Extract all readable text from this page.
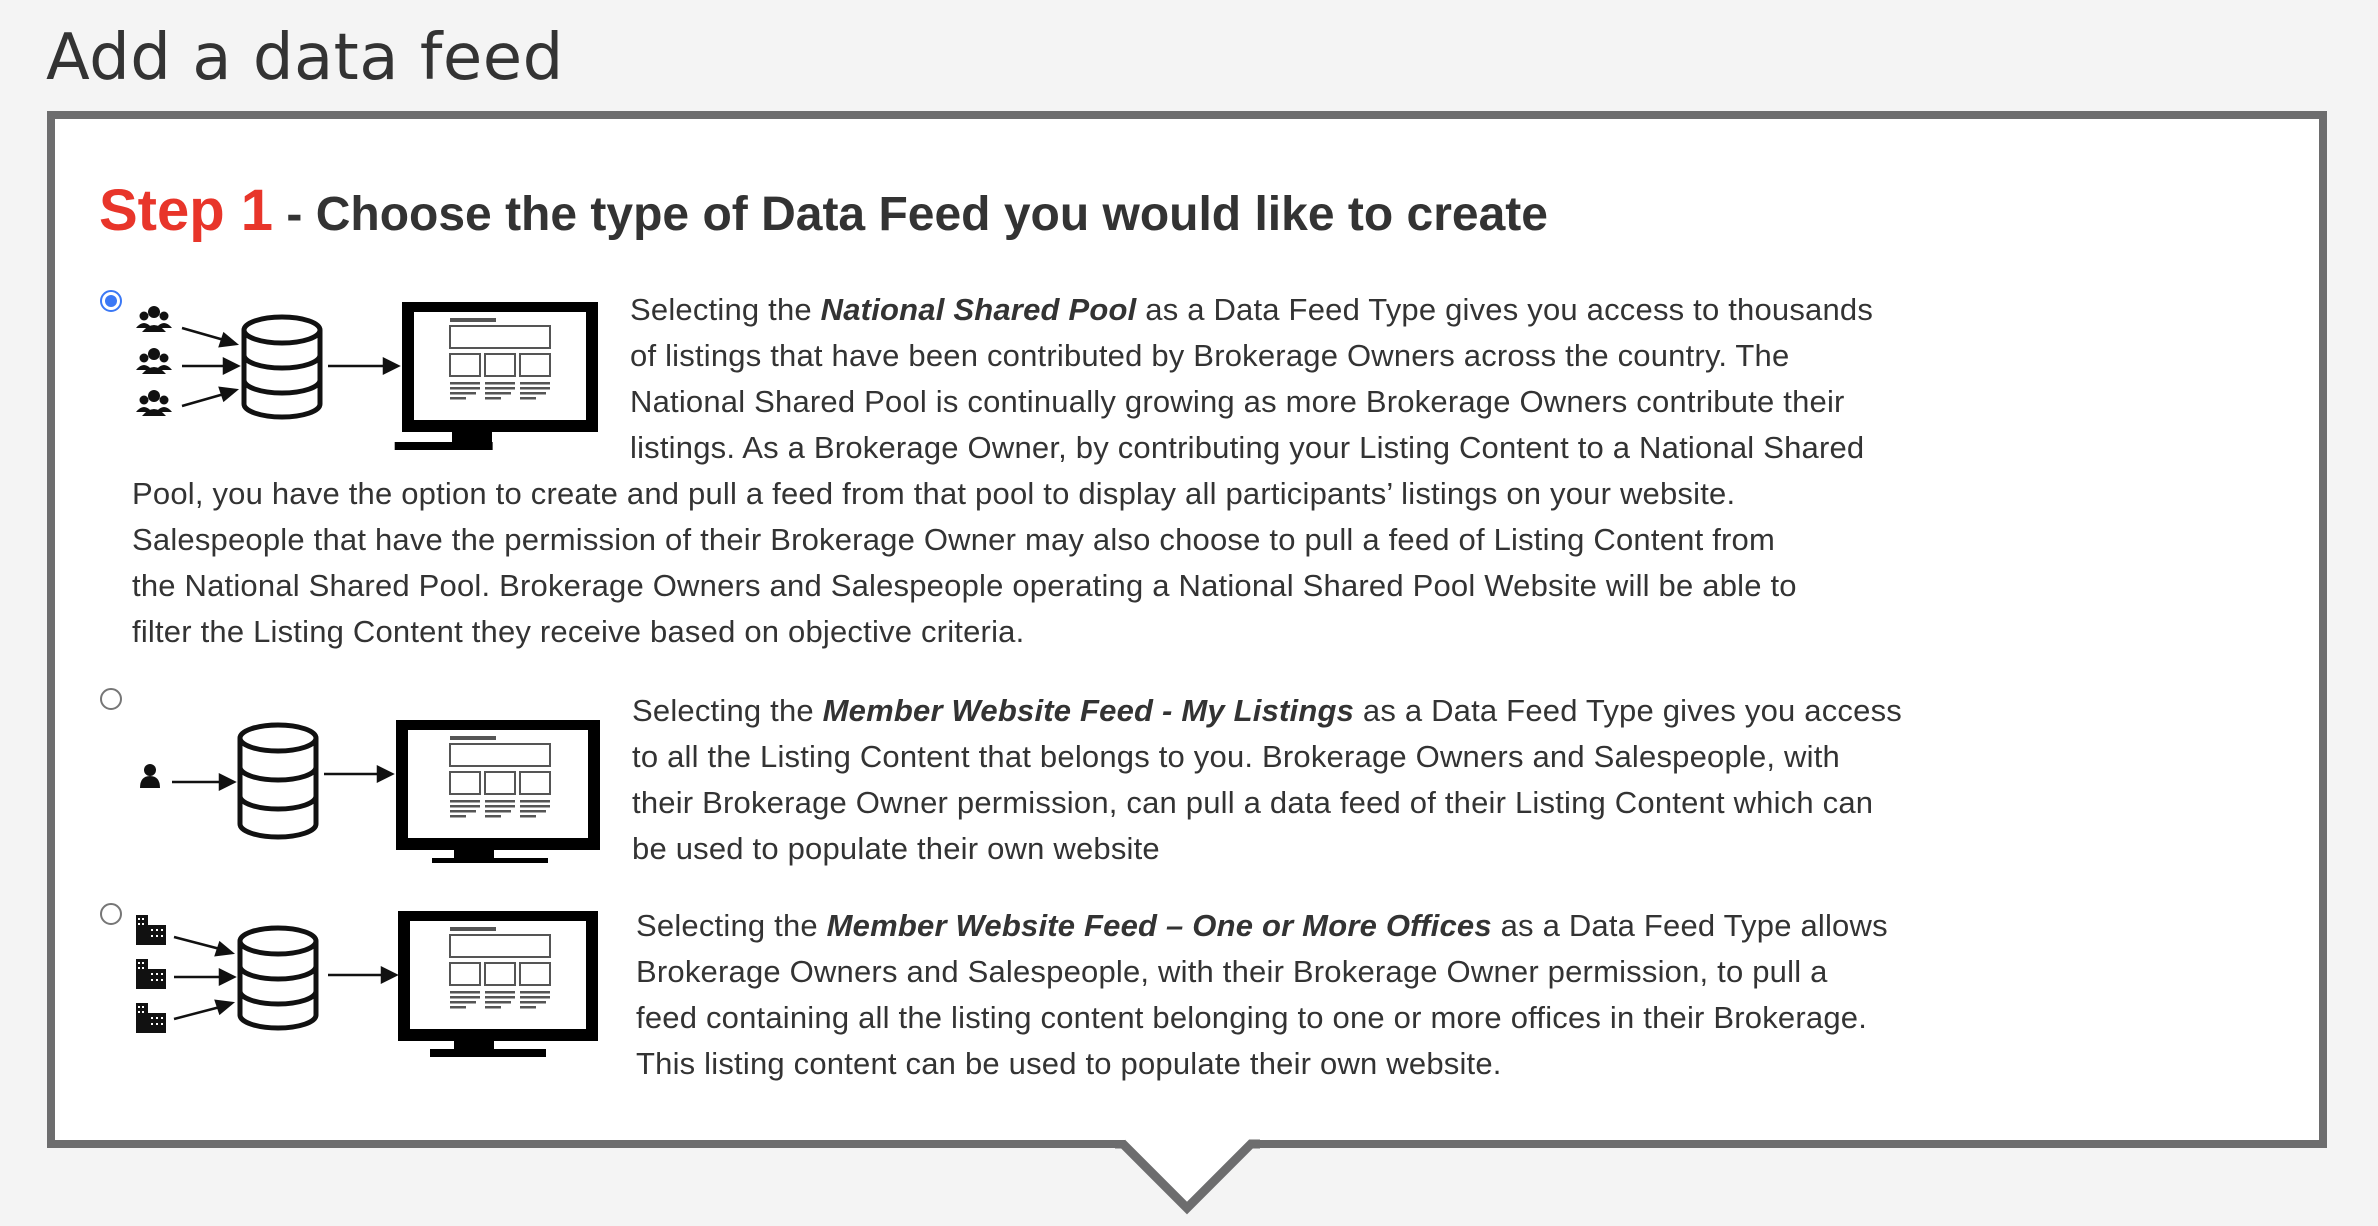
Add a data feed
Step 1 - Choose the type of Data Feed you would like to create

Selecting the National Shared Pool as a Data Feed Type gives you access to thousands
of listings that have been contributed by Brokerage Owners across the country. The
National Shared Pool is continually growing as more Brokerage Owners contribute their
listings. As a Brokerage Owner, by contributing your Listing Content to a National Shared
Pool, you have the option to create and pull a feed from that pool to display all participants’ listings on your website.
Salespeople that have the permission of their Brokerage Owner may also choose to pull a feed of Listing Content from
the National Shared Pool. Brokerage Owners and Salespeople operating a National Shared Pool Website will be able to
filter the Listing Content they receive based on objective criteria.

Selecting the Member Website Feed - My Listings as a Data Feed Type gives you access
to all the Listing Content that belongs to you. Brokerage Owners and Salespeople, with
their Brokerage Owner permission, can pull a data feed of their Listing Content which can
be used to populate their own website

Selecting the Member Website Feed – One or More Offices as a Data Feed Type allows
Brokerage Owners and Salespeople, with their Brokerage Owner permission, to pull a
feed containing all the listing content belonging to one or more offices in their Brokerage.
This listing content can be used to populate their own website.
